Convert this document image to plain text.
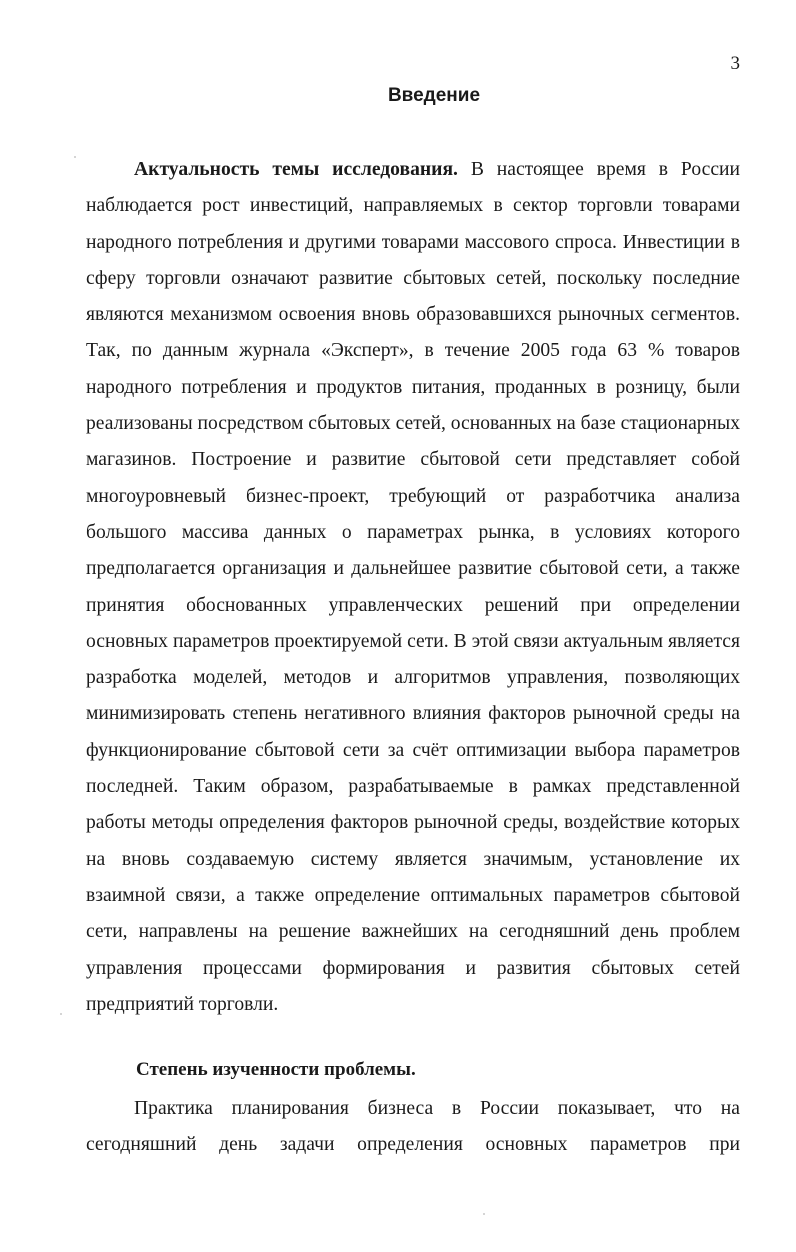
3
Введение
Актуальность темы исследования. В настоящее время в России
наблюдается рост инвестиций, направляемых в сектор торговли товарами
народного потребления и другими товарами массового спроса. Инвестиции в
сферу торговли означают развитие сбытовых сетей, поскольку последние
являются механизмом освоения вновь образовавшихся рыночных сегментов.
Так, по данным журнала «Эксперт», в течение 2005 года 63 % товаров
народного потребления и продуктов питания, проданных в розницу, были
реализованы посредством сбытовых сетей, основанных на базе стационарных
магазинов. Построение и развитие сбытовой сети представляет собой
многоуровневый бизнес-проект, требующий от разработчика анализа
большого массива данных о параметрах рынка, в условиях которого
предполагается организация и дальнейшее развитие сбытовой сети, а также
принятия обоснованных управленческих решений при определении
основных параметров проектируемой сети. В этой связи актуальным является
разработка моделей, методов и алгоритмов управления, позволяющих
минимизировать степень негативного влияния факторов рыночной среды на
функционирование сбытовой сети за счёт оптимизации выбора параметров
последней. Таким образом, разрабатываемые в рамках представленной
работы методы определения факторов рыночной среды, воздействие которых
на вновь создаваемую систему является значимым, установление их
взаимной связи, а также определение оптимальных параметров сбытовой
сети, направлены на решение важнейших на сегодняшний день проблем
управления процессами формирования и развития сбытовых сетей
предприятий торговли.
Степень изученности проблемы.
Практика планирования бизнеса в России показывает, что на
сегодняшний день задачи определения основных параметров при
